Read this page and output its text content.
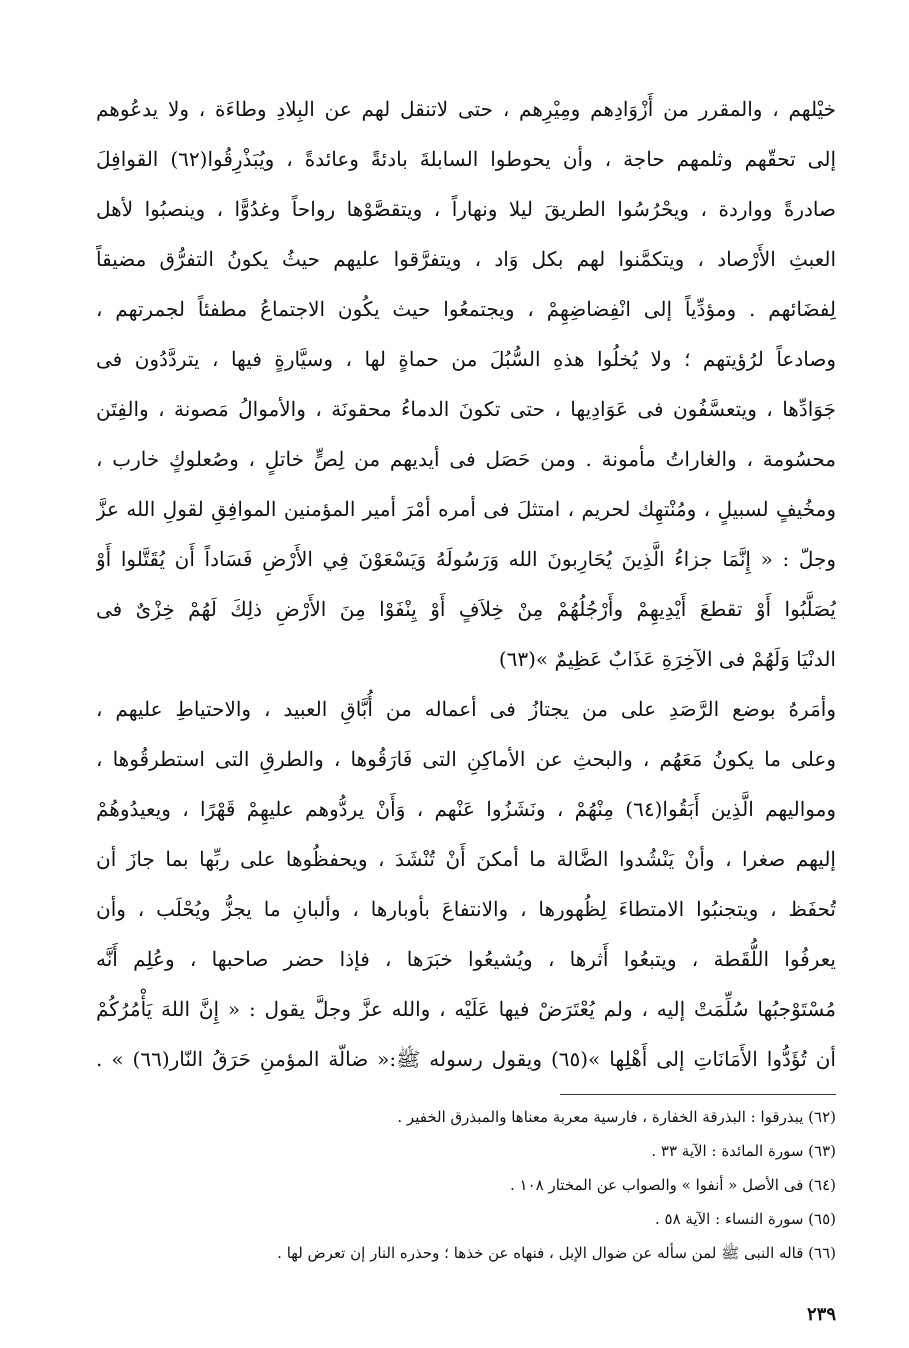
خيْلهم ، والمقرر من أَزْوَادِهم ومِيْرِهم ، حتى لاتنقل لهم عن البِلادِ وطاءَة ، ولا يدعُوهم
إلى تحقّهم وثلمهم حاجة ، وأن يحوطوا السابلةَ بادئةً وعائدةً ، ويُبَذْرِقُوا(٦٢) القوافِلَ
صادرةً وواردة ، ويحْرُسُوا الطريقَ ليلا ونهاراً ، ويتقصَّوْها رواحاً وغدُوًّا ، وينصبُوا لأهل
العبثِ الأَرْصاد ، ويتكمَّنوا لهم بكل وَاد ، ويتفرَّقوا عليهم حيثُ يكونُ التفرُّق مضيقاً
لِفضَائهم . ومؤدِّياً إلى انْفِضاضِهِمْ ، ويجتمعُوا حيث يكُون الاجتماعُ مطفئاً لجمرتهم ،
وصادعاً لرُؤيتهم ؛ ولا يُخلُوا هذهِ السُّبُلَ من حماةٍ لها ، وسيَّارةٍ فيها ، يتردَّدُون فى
جَوَادِّها ، ويتعسَّفُون فى عَوَادِيها ، حتى تكونَ الدماءُ محقونَة ، والأموالُ مَصونة ، والفِتَن
محسُومة ، والغاراتُ مأمونة . ومن حَصَل فى أيديهم من لِصٍّ خاتلٍ ، وصُعلوكٍ خارب ،
ومخُيفٍ لسبيلٍ ، ومُنْتهِك لحريم ، امتثلَ فى أمره أمْرَ أمير المؤمنين الموافِقِ لقولِ الله عزَّ
وجلّ : « إِنَّمَا جزاءُ الَّذِينَ يُحَارِبونَ الله وَرَسُولَهُ وَيَسْعَوْنَ فِي الأَرْضِ فَسَاداً أَن يُقَتَّلوا أَوْ
يُصَلَّبُوا أَوْ تقطعَ أَيْدِيهِمْ وأَرْجُلُهُمْ مِنْ خِلاَفٍ أَوْ يِنْفَوْا مِنَ الأَرْضِ ذلِكَ لَهُمْ خِزْىٌ فى
الدنْيَا وَلَهُمْ فى الآخِرَةِ عَذَابٌ عَظِيمٌ »(٦٣)
وأمَرهُ بوضع الرَّصَدِ على من يجتازُ فى أعماله من أُبَّاقِ العبيد ، والاحتياطِ عليهم ،
وعلى ما يكونُ مَعَهُم ، والبحثِ عن الأماكِنِ التى فَارَقُوها ، والطرقِ التى استطرقُوها ،
ومواليهم الَّذِين أَبَقُوا(٦٤) مِنْهُمْ ، ونَشَزُوا عَنْهم ، وَأَنْ يردُّوهم عليهِمْ قَهْرًا ، ويعيدُوهُمْ
إليهم صغرا ، وأنْ يَنْشُدوا الضَّالة ما أمكنَ أَنْ تُنْشَدَ ، ويحفظُوها على ربِّها بما جازَ أن
تُحفَظ ، ويتجنبُوا الامتطاءَ لِظُهورها ، والانتفاعَ بأوبارها ، وألبانِ ما يجزُّ ويُحْلَب ، وأن
يعرفُوا اللُّقَطة ، ويتبعُوا أَثرها ، ويُشيعُوا خبَرَها ، فإذا حضر صاحبها ، وعُلِم أَنَّه
مُسْتَوْجبُها سُلِّمَتْ إليه ، ولم يُعْتَرَضْ فيها عَلَيْه ، والله عزَّ وجلَّ يقول : « إِنَّ اللهَ يَأْمُرُكُمْ
أن تُؤَدُّوا الأَمَانَاتِ إلى أَهْلِها »(٦٥) ويقول رسوله ﷺ:« ضالّة المؤمنِ حَرَقُ النّار(٦٦) » .
(٦٢) يبذرقوا : البذرقة الخفارة ، فارسية معربة معناها والمبذرق الخفير .
(٦٣) سورة المائدة : الآية ٣٣ .
(٦٤) فى الأصل « أنفوا » والصواب عن المختار ١٠٨ .
(٦٥) سورة النساء : الآية ٥٨ .
(٦٦) قاله النبى ﷺ لمن سأله عن ضوال الإبل ، فنهاه عن خذها ؛ وحذره النار إن تعرض لها .
٢٣٩
